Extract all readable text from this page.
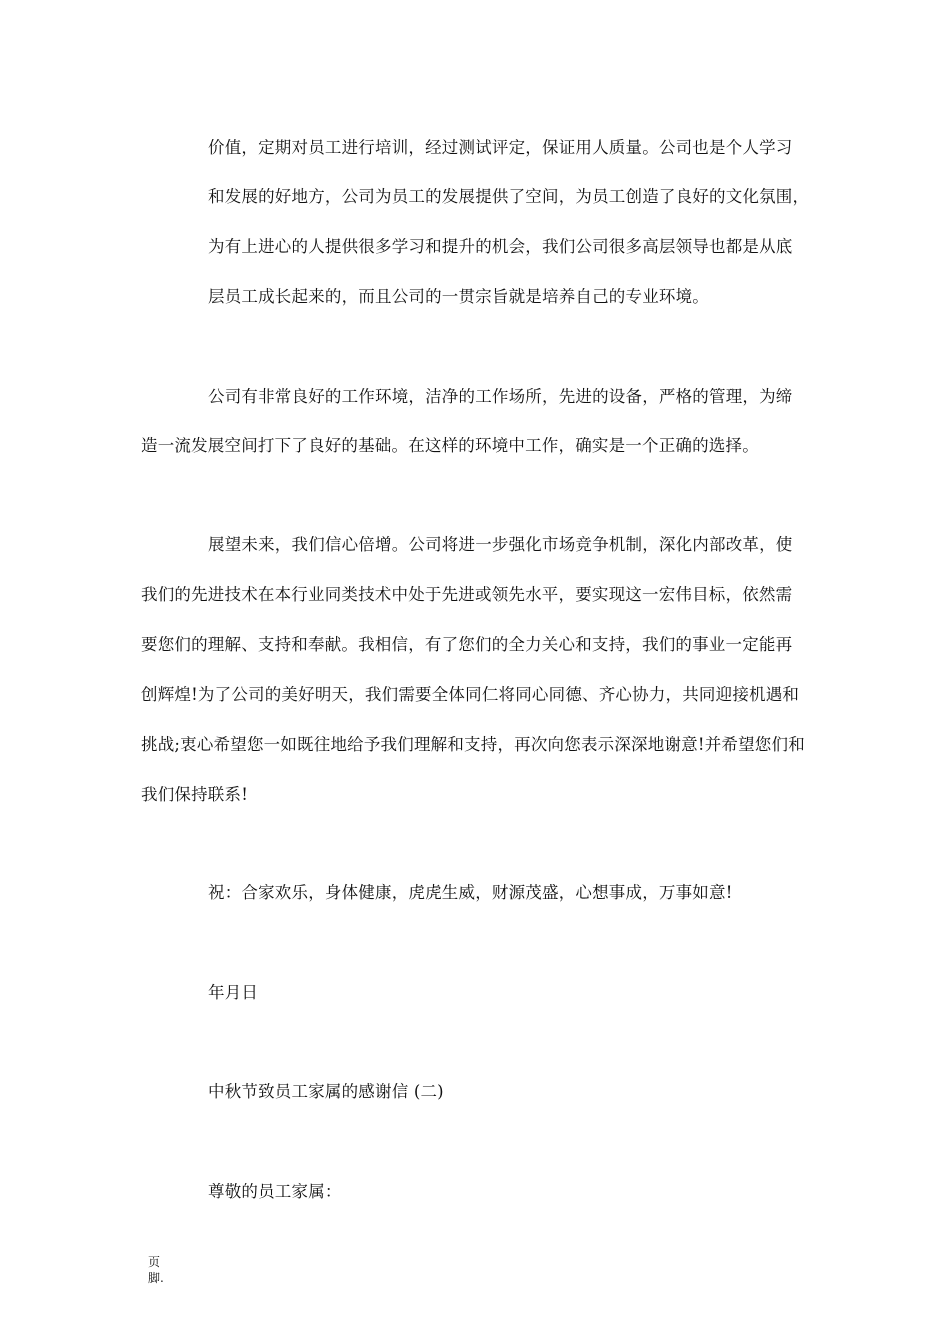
价值，定期对员工进行培训，经过测试评定，保证用人质量。公司也是个人学习
和发展的好地方，公司为员工的发展提供了空间，为员工创造了良好的文化氛围，
为有上进心的人提供很多学习和提升的机会，我们公司很多高层领导也都是从底
层员工成长起来的，而且公司的一贯宗旨就是培养自己的专业环境。
公司有非常良好的工作环境，洁净的工作场所，先进的设备，严格的管理，为缔
造一流发展空间打下了良好的基础。在这样的环境中工作，确实是一个正确的选择。
展望未来，我们信心倍增。公司将进一步强化市场竞争机制，深化内部改革，使
我们的先进技术在本行业同类技术中处于先进或领先水平，要实现这一宏伟目标，依然需
要您们的理解、支持和奉献。我相信，有了您们的全力关心和支持，我们的事业一定能再
创辉煌!为了公司的美好明天，我们需要全体同仁将同心同德、齐心协力，共同迎接机遇和
挑战;衷心希望您一如既往地给予我们理解和支持，再次向您表示深深地谢意!并希望您们和
我们保持联系!
祝：合家欢乐，身体健康，虎虎生威，财源茂盛，心想事成，万事如意!
年月日
中秋节致员工家属的感谢信 (二)
尊敬的员工家属：
页
脚.
